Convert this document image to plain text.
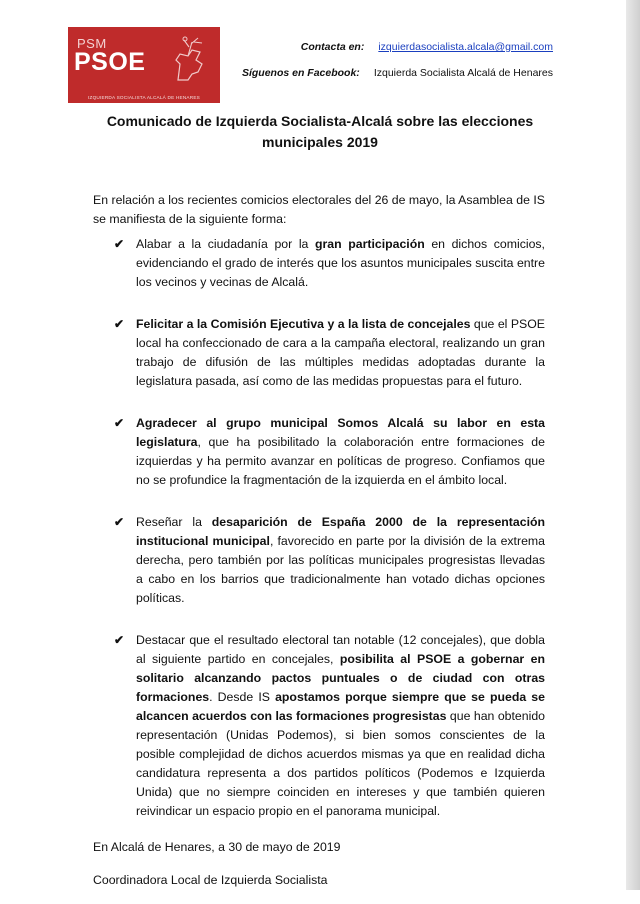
PSM
PSOE
IZQUIERDA SOCIALISTA ALCALÁ DE HENARES
Contacta en: izquierdasocialista.alcala@gmail.com
Síguenos en Facebook: Izquierda Socialista Alcalá de Henares
Comunicado de Izquierda Socialista-Alcalá sobre las elecciones municipales 2019

En relación a los recientes comicios electorales del 26 de mayo, la Asamblea de IS se manifiesta de la siguiente forma:

✔ Alabar a la ciudadanía por la gran participación en dichos comicios, evidenciando el grado de interés que los asuntos municipales suscita entre los vecinos y vecinas de Alcalá.
✔ Felicitar a la Comisión Ejecutiva y a la lista de concejales que el PSOE local ha confeccionado de cara a la campaña electoral, realizando un gran trabajo de difusión de las múltiples medidas adoptadas durante la legislatura pasada, así como de las medidas propuestas para el futuro.
✔ Agradecer al grupo municipal Somos Alcalá su labor en esta legislatura, que ha posibilitado la colaboración entre formaciones de izquierdas y ha permito avanzar en políticas de progreso. Confiamos que no se profundice la fragmentación de la izquierda en el ámbito local.
✔ Reseñar la desaparición de España 2000 de la representación institucional municipal, favorecido en parte por la división de la extrema derecha, pero también por las políticas municipales progresistas llevadas a cabo en los barrios que tradicionalmente han votado dichas opciones políticas.
✔ Destacar que el resultado electoral tan notable (12 concejales), que dobla al siguiente partido en concejales, posibilita al PSOE a gobernar en solitario alcanzando pactos puntuales o de ciudad con otras formaciones. Desde IS apostamos porque siempre que se pueda se alcancen acuerdos con las formaciones progresistas que han obtenido representación (Unidas Podemos), si bien somos conscientes de la posible complejidad de dichos acuerdos mismas ya que en realidad dicha candidatura representa a dos partidos políticos (Podemos e Izquierda Unida) que no siempre coinciden en intereses y que también quieren reivindicar un espacio propio en el panorama municipal.

En Alcalá de Henares, a 30 de mayo de 2019

Coordinadora Local de Izquierda Socialista
